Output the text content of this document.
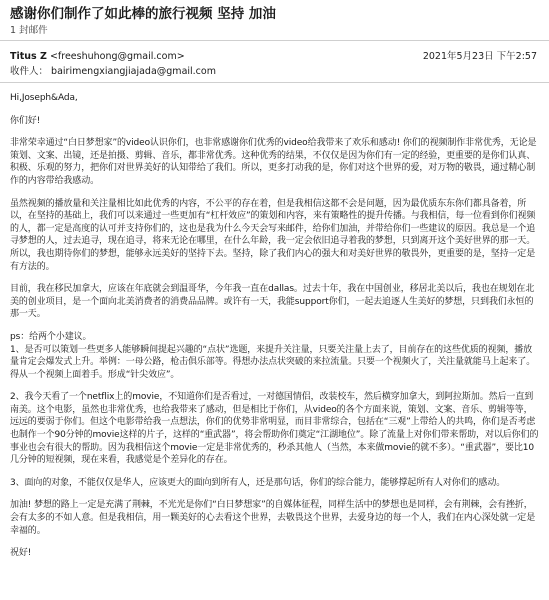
感谢你们制作了如此棒的旅行视频 坚持 加油
1 封邮件
Titus Z <freeshuhong@gmail.com>	2021年5月23日 下午2:57
收件人： bairimengxiangjiajada@gmail.com

Hi,Joseph&Ada,

你们好!

非常荣幸通过“白日梦想家”的video认识你们，也非常感谢你们优秀的video给我带来了欢乐和感动! 你们的视频制作非常优秀，无论是策划、文案、出镜，还是拍摄、剪辑、音乐，都非常优秀。这种优秀的结果，不仅仅是因为你们有一定的经验，更重要的是你们认真、积极、乐观的努力，把你们对世界美好的认知带给了我们。所以，更多打动我的是，你们对这个世界的爱，对万物的敬畏，通过精心制作的内容带给我感动。

虽然视频的播放量和关注量相比如此优秀的内容，不公平的存在着，但是我相信这都不会是问题，因为最优质东东你们都具备着，所以，在坚持的基础上，我们可以来通过一些更加有“杠杆效应”的策划和内容，来有策略性的提升传播。与我相信，每一位看到你们视频的人，都一定是高度的认可并支持你们的，这也是我为什么今天会写来邮件，给你们加油，并带给你们一些建议的原因。我总是一个追寻梦想的人，过去追寻，现在追寻，将来无论在哪里，在什么年龄，我一定会依旧追寻着我的梦想，只到离开这个美好世界的那一天。所以，我也期待你们的梦想，能够永远美好的坚持下去。坚持，除了我们内心的强大和对美好世界的敬畏外，更重要的是，坚持一定是有方法的。

目前，我在移民加拿大，应该在年底就会到温哥华，今年我一直在dallas。过去十年，我在中国创业，移居北美以后，我也在规划在北美的创业项目，是一个面向北美消费者的消费品品牌。或许有一天，我能support你们，一起去追逐人生美好的梦想，只到我们永恒的那一天。

ps：给两个小建议。
1、是否可以策划一些更多人能够瞬间提起兴趣的“点状”选题，来提升关注量，只要关注量上去了，目前存在的这些优质的视频，播放量肯定会爆发式上升。举例：一母公路，枪击俱乐部等。得想办法点状突破的来拉流量。只要一个视频火了，关注量就能马上起来了。得从一个视频上面着手。形成“针尖效应”。

2、我今天看了一个netflix上的movie，不知道你们是否看过，一对德国情侣，改装校车，然后横穿加拿大，到阿拉斯加。然后一直到南美。这个电影，虽然也非常优秀，也给我带来了感动，但是相比于你们，从video的各个方面来说，策划、文案、音乐、剪辑等等，远远的要弱于你们。但这个电影带给我一点想法，你们的优势非常明显，而目非常综合，包括在“三观”上带给人的共鸣，你们是否考虑也制作一个90分钟的movie这样的片子，这样的“重武器”，将会帮助你们奠定“江湖地位”。除了流量上对你们带来帮助，对以后你们的事业也会有很大的帮助。因为我相信这个movie一定是非常优秀的，秒杀其他人（当然，本来做movie的就不多）。“重武器”，要比10几分钟的短视频，现在来看，我感觉是个差异化的存在。

3、面向的对象，不能仅仅是华人，应该更大的面向到所有人，还是那句话，你们的综合能力，能够撑起所有人对你们的感动。

加油! 梦想的路上一定是充满了荆棘，不光光是你们“白日梦想家”的自媒体征程，同样生活中的梦想也是同样，会有荆棘，会有挫折，会有太多的不如人意。但是我相信，用一颗美好的心去看这个世界，去敬畏这个世界，去爱身边的每一个人，我们在内心深处就一定是幸福的。

祝好!
